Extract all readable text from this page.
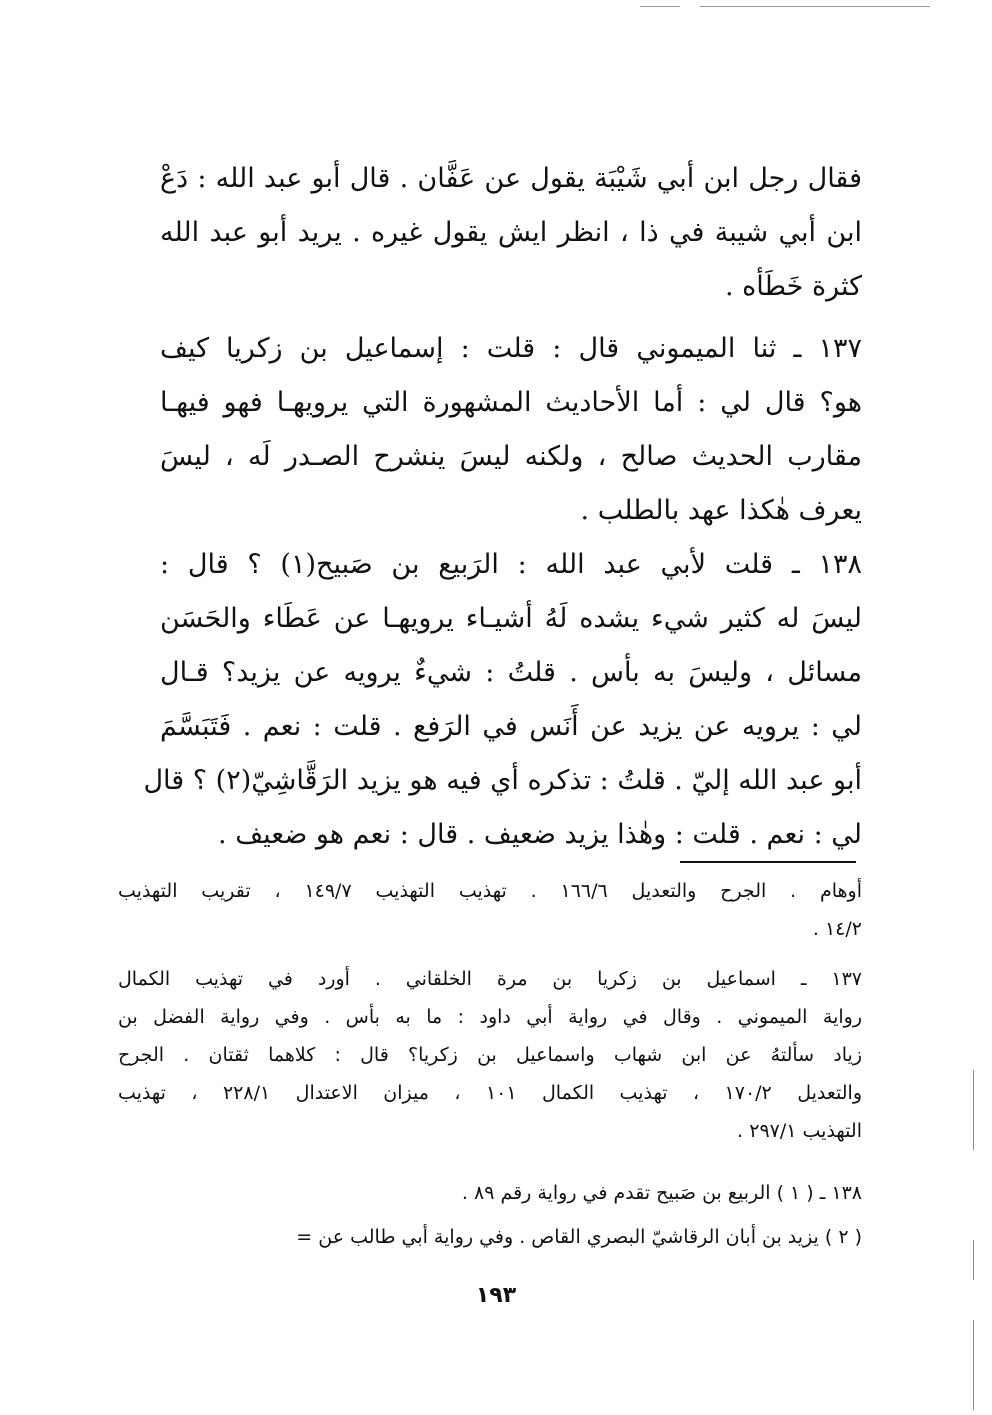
فقال رجل ابن أبي شَيْبَة يقول عن عَفَّان . قال أبو عبد الله : دَعْ
ابن أبي شيبة في ذا ، انظر ايش يقول غيره . يريد أبو عبد الله
كثرة خَطَأه .

١٣٧ ـ ثنا الميموني قال : قلت : إسماعيل بن زكريا كيف
هو؟ قال لي : أما الأحاديث المشهورة التي يرويهـا فهو فيهـا
مقارب الحديث صالح ، ولكنه ليسَ ينشرح الصـدر لَه ، ليسَ
يعرف هٰكذا عهد بالطلب .

١٣٨ ـ قلت لأبي عبد الله : الرَبيع بن صَبيح(١) ؟ قال :
ليسَ له كثير شيء يشده لَهُ أشيـاء يرويهـا عن عَطَاء والحَسَن
مسائل ، وليسَ به بأس . قلتُ : شيءٌ يرويه عن يزيد؟ قـال
لي : يرويه عن يزيد عن أَنَس في الرَفع . قلت : نعم . فَتَبَسَّمَ
أبو عبد الله إليّ . قلتُ : تذكره أي فيه هو يزيد الرَقَّاشِيّ(٢) ؟ قال
لي : نعم . قلت : وهٰذا يزيد ضعيف . قال : نعم هو ضعيف .

أوهام . الجرح والتعديل ١٦٦/٦ . تهذيب التهذيب ١٤٩/٧ ، تقريب التهذيب
١٤/٢ .

١٣٧ ـ اسماعيل بن زكريا بن مرة الخلقاني . أورد في تهذيب الكمال
رواية الميموني . وقال في رواية أبي داود : ما به بأس . وفي رواية الفضل بن
زياد سألتهُ عن ابن شهاب واسماعيل بن زكريا؟ قال : كلاهما ثقتان . الجرح
والتعديل ١٧٠/٢ ، تهذيب الكمال ١٠١ ، ميزان الاعتدال ٢٢٨/١ ، تهذيب
التهذيب ٢٩٧/١ .

١٣٨ ـ ( ١ ) الربيع بن صَبيح تقدم في رواية رقم ٨٩ .

( ٢ ) يزيد بن أبان الرقاشيّ البصري القاص . وفي رواية أبي طالب عن =

١٩٣
